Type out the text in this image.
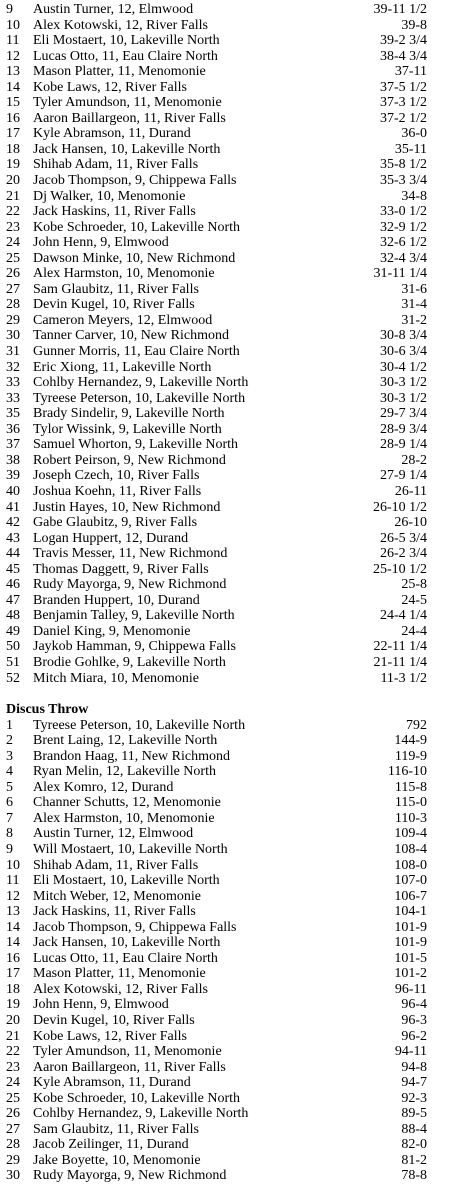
9 Austin Turner, 12, Elmwood	39-11 1/2
10 Alex Kotowski, 12, River Falls	39-8
11 Eli Mostaert, 10, Lakeville North	39-2 3/4
12 Lucas Otto, 11, Eau Claire North	38-4 3/4
13 Mason Platter, 11, Menomonie	37-11
14 Kobe Laws, 12, River Falls	37-5 1/2
15 Tyler Amundson, 11, Menomonie	37-3 1/2
16 Aaron Baillargeon, 11, River Falls	37-2 1/2
17 Kyle Abramson, 11, Durand	36-0
18 Jack Hansen, 10, Lakeville North	35-11
19 Shihab Adam, 11, River Falls	35-8 1/2
20 Jacob Thompson, 9, Chippewa Falls	35-3 3/4
21 Dj Walker, 10, Menomonie	34-8
22 Jack Haskins, 11, River Falls	33-0 1/2
23 Kobe Schroeder, 10, Lakeville North	32-9 1/2
24 John Henn, 9, Elmwood	32-6 1/2
25 Dawson Minke, 10, New Richmond	32-4 3/4
26 Alex Harmston, 10, Menomonie	31-11 1/4
27 Sam Glaubitz, 11, River Falls	31-6
28 Devin Kugel, 10, River Falls	31-4
29 Cameron Meyers, 12, Elmwood	31-2
30 Tanner Carver, 10, New Richmond	30-8 3/4
31 Gunner Morris, 11, Eau Claire North	30-6 3/4
32 Eric Xiong, 11, Lakeville North	30-4 1/2
33 Cohlby Hernandez, 9, Lakeville North	30-3 1/2
33 Tyreese Peterson, 10, Lakeville North	30-3 1/2
35 Brady Sindelir, 9, Lakeville North	29-7 3/4
36 Tylor Wissink, 9, Lakeville North	28-9 3/4
37 Samuel Whorton, 9, Lakeville North	28-9 1/4
38 Robert Peirson, 9, New Richmond	28-2
39 Joseph Czech, 10, River Falls	27-9 1/4
40 Joshua Koehn, 11, River Falls	26-11
41 Justin Hayes, 10, New Richmond	26-10 1/2
42 Gabe Glaubitz, 9, River Falls	26-10
43 Logan Huppert, 12, Durand	26-5 3/4
44 Travis Messer, 11, New Richmond	26-2 3/4
45 Thomas Daggett, 9, River Falls	25-10 1/2
46 Rudy Mayorga, 9, New Richmond	25-8
47 Branden Huppert, 10, Durand	24-5
48 Benjamin Talley, 9, Lakeville North	24-4 1/4
49 Daniel King, 9, Menomonie	24-4
50 Jaykob Hamman, 9, Chippewa Falls	22-11 1/4
51 Brodie Gohlke, 9, Lakeville North	21-11 1/4
52 Mitch Miara, 10, Menomonie	11-3 1/2
Discus Throw
1 Tyreese Peterson, 10, Lakeville North	792
2 Brent Laing, 12, Lakeville North	144-9
3 Brandon Haag, 11, New Richmond	119-9
4 Ryan Melin, 12, Lakeville North	116-10
5 Alex Komro, 12, Durand	115-8
6 Channer Schutts, 12, Menomonie	115-0
7 Alex Harmston, 10, Menomonie	110-3
8 Austin Turner, 12, Elmwood	109-4
9 Will Mostaert, 10, Lakeville North	108-4
10 Shihab Adam, 11, River Falls	108-0
11 Eli Mostaert, 10, Lakeville North	107-0
12 Mitch Weber, 12, Menomonie	106-7
13 Jack Haskins, 11, River Falls	104-1
14 Jacob Thompson, 9, Chippewa Falls	101-9
14 Jack Hansen, 10, Lakeville North	101-9
16 Lucas Otto, 11, Eau Claire North	101-5
17 Mason Platter, 11, Menomonie	101-2
18 Alex Kotowski, 12, River Falls	96-11
19 John Henn, 9, Elmwood	96-4
20 Devin Kugel, 10, River Falls	96-3
21 Kobe Laws, 12, River Falls	96-2
22 Tyler Amundson, 11, Menomonie	94-11
23 Aaron Baillargeon, 11, River Falls	94-8
24 Kyle Abramson, 11, Durand	94-7
25 Kobe Schroeder, 10, Lakeville North	92-3
26 Cohlby Hernandez, 9, Lakeville North	89-5
27 Sam Glaubitz, 11, River Falls	88-4
28 Jacob Zeilinger, 11, Durand	82-0
29 Jake Boyette, 10, Menomonie	81-2
30 Rudy Mayorga, 9, New Richmond	78-8
